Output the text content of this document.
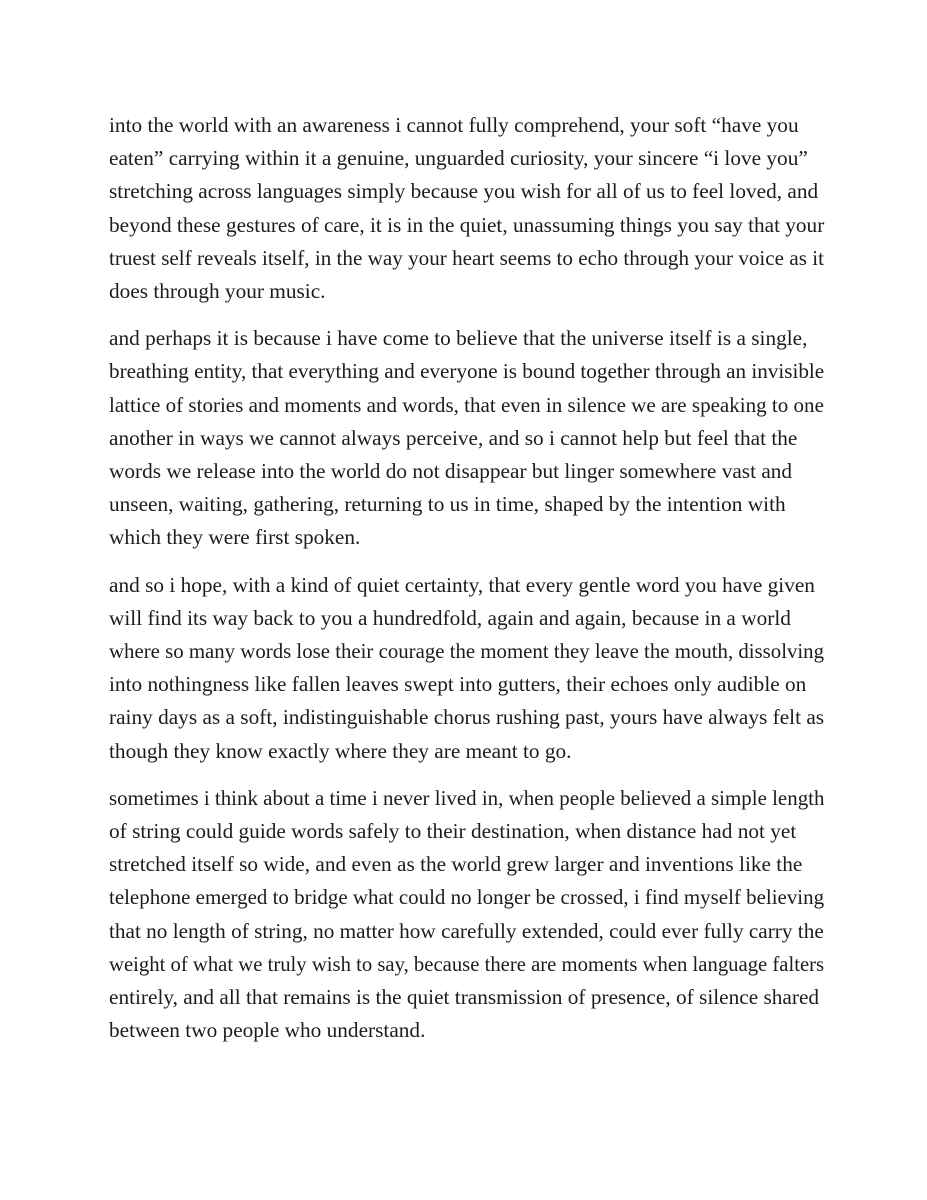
into the world with an awareness i cannot fully comprehend, your soft “have you
eaten” carrying within it a genuine, unguarded curiosity, your sincere “i love you”
stretching across languages simply because you wish for all of us to feel loved, and
beyond these gestures of care, it is in the quiet, unassuming things you say that your
truest self reveals itself, in the way your heart seems to echo through your voice as it
does through your music.

and perhaps it is because i have come to believe that the universe itself is a single,
breathing entity, that everything and everyone is bound together through an invisible
lattice of stories and moments and words, that even in silence we are speaking to one
another in ways we cannot always perceive, and so i cannot help but feel that the
words we release into the world do not disappear but linger somewhere vast and
unseen, waiting, gathering, returning to us in time, shaped by the intention with
which they were first spoken.

and so i hope, with a kind of quiet certainty, that every gentle word you have given
will find its way back to you a hundredfold, again and again, because in a world
where so many words lose their courage the moment they leave the mouth, dissolving
into nothingness like fallen leaves swept into gutters, their echoes only audible on
rainy days as a soft, indistinguishable chorus rushing past, yours have always felt as
though they know exactly where they are meant to go.

sometimes i think about a time i never lived in, when people believed a simple length
of string could guide words safely to their destination, when distance had not yet
stretched itself so wide, and even as the world grew larger and inventions like the
telephone emerged to bridge what could no longer be crossed, i find myself believing
that no length of string, no matter how carefully extended, could ever fully carry the
weight of what we truly wish to say, because there are moments when language falters
entirely, and all that remains is the quiet transmission of presence, of silence shared
between two people who understand.
